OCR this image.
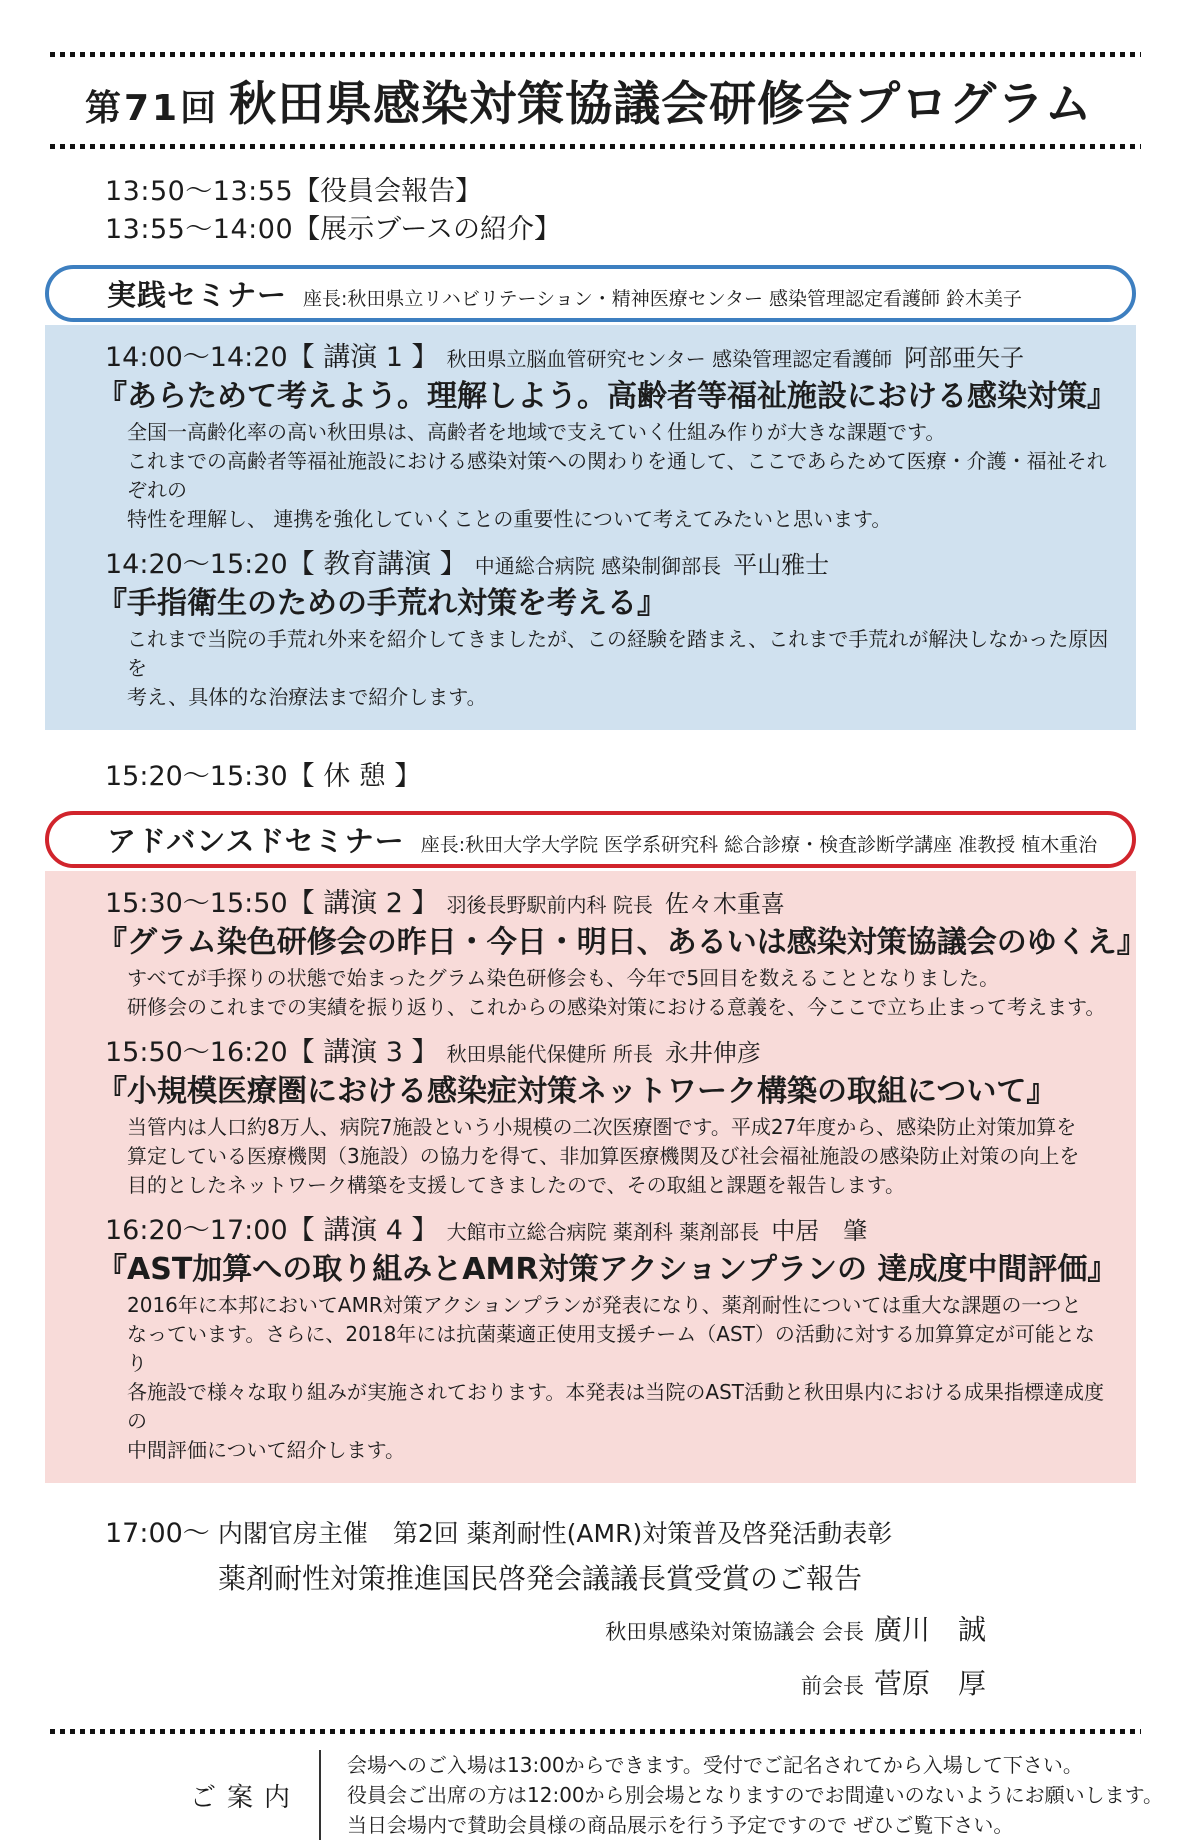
第71回 秋田県感染対策協議会研修会プログラム
13:50～13:55【役員会報告】
13:55～14:00【展示ブースの紹介】
実践セミナー 座長:秋田県立リハビリテーション・精神医療センター 感染管理認定看護師 鈴木美子
14:00～14:20【 講演 1 】 秋田県立脳血管研究センター 感染管理認定看護師 阿部亜矢子
『あらためて考えよう。理解しよう。高齢者等福祉施設における感染対策』
全国一高齢化率の高い秋田県は、高齢者を地域で支えていく仕組み作りが大きな課題です。
これまでの高齢者等福祉施設における感染対策への関わりを通して、ここであらためて医療・介護・福祉それぞれの
特性を理解し、 連携を強化していくことの重要性について考えてみたいと思います。
14:20～15:20【 教育講演 】 中通総合病院 感染制御部長 平山雅士
『手指衛生のための手荒れ対策を考える』
これまで当院の手荒れ外来を紹介してきましたが、この経験を踏まえ、これまで手荒れが解決しなかった原因を
考え、具体的な治療法まで紹介します。
15:20～15:30【 休 憩 】
アドバンスドセミナー 座長:秋田大学大学院 医学系研究科 総合診療・検査診断学講座 准教授 植木重治
15:30～15:50【 講演 2 】 羽後長野駅前内科 院長 佐々木重喜
『グラム染色研修会の昨日・今日・明日、あるいは感染対策協議会のゆくえ』
すべてが手探りの状態で始まったグラム染色研修会も、今年で5回目を数えることとなりました。
研修会のこれまでの実績を振り返り、これからの感染対策における意義を、今ここで立ち止まって考えます。
15:50～16:20【 講演 3 】 秋田県能代保健所 所長 永井伸彦
『小規模医療圏における感染症対策ネットワーク構築の取組について』
当管内は人口約8万人、病院7施設という小規模の二次医療圏です。平成27年度から、感染防止対策加算を
算定している医療機関（3施設）の協力を得て、非加算医療機関及び社会福祉施設の感染防止対策の向上を
目的としたネットワーク構築を支援してきましたので、その取組と課題を報告します。
16:20～17:00【 講演 4 】 大館市立総合病院 薬剤科 薬剤部長 中居　肇
『AST加算への取り組みとAMR対策アクションプランの 達成度中間評価』
2016年に本邦においてAMR対策アクションプランが発表になり、薬剤耐性については重大な課題の一つと
なっています。さらに、2018年には抗菌薬適正使用支援チーム（AST）の活動に対する加算算定が可能となり
各施設で様々な取り組みが実施されております。本発表は当院のAST活動と秋田県内における成果指標達成度の
中間評価について紹介します。
17:00～ 内閣官房主催　第2回 薬剤耐性(AMR)対策普及啓発活動表彰
薬剤耐性対策推進国民啓発会議議長賞受賞のご報告
秋田県感染対策協議会 会長 廣川　誠
前会長 菅原　厚
ご案内
会場へのご入場は13:00からできます。受付でご記名されてから入場して下さい。
役員会ご出席の方は12:00から別会場となりますのでお間違いのないようにお願いします。
当日会場内で賛助会員様の商品展示を行う予定ですので ぜひご覧下さい。
